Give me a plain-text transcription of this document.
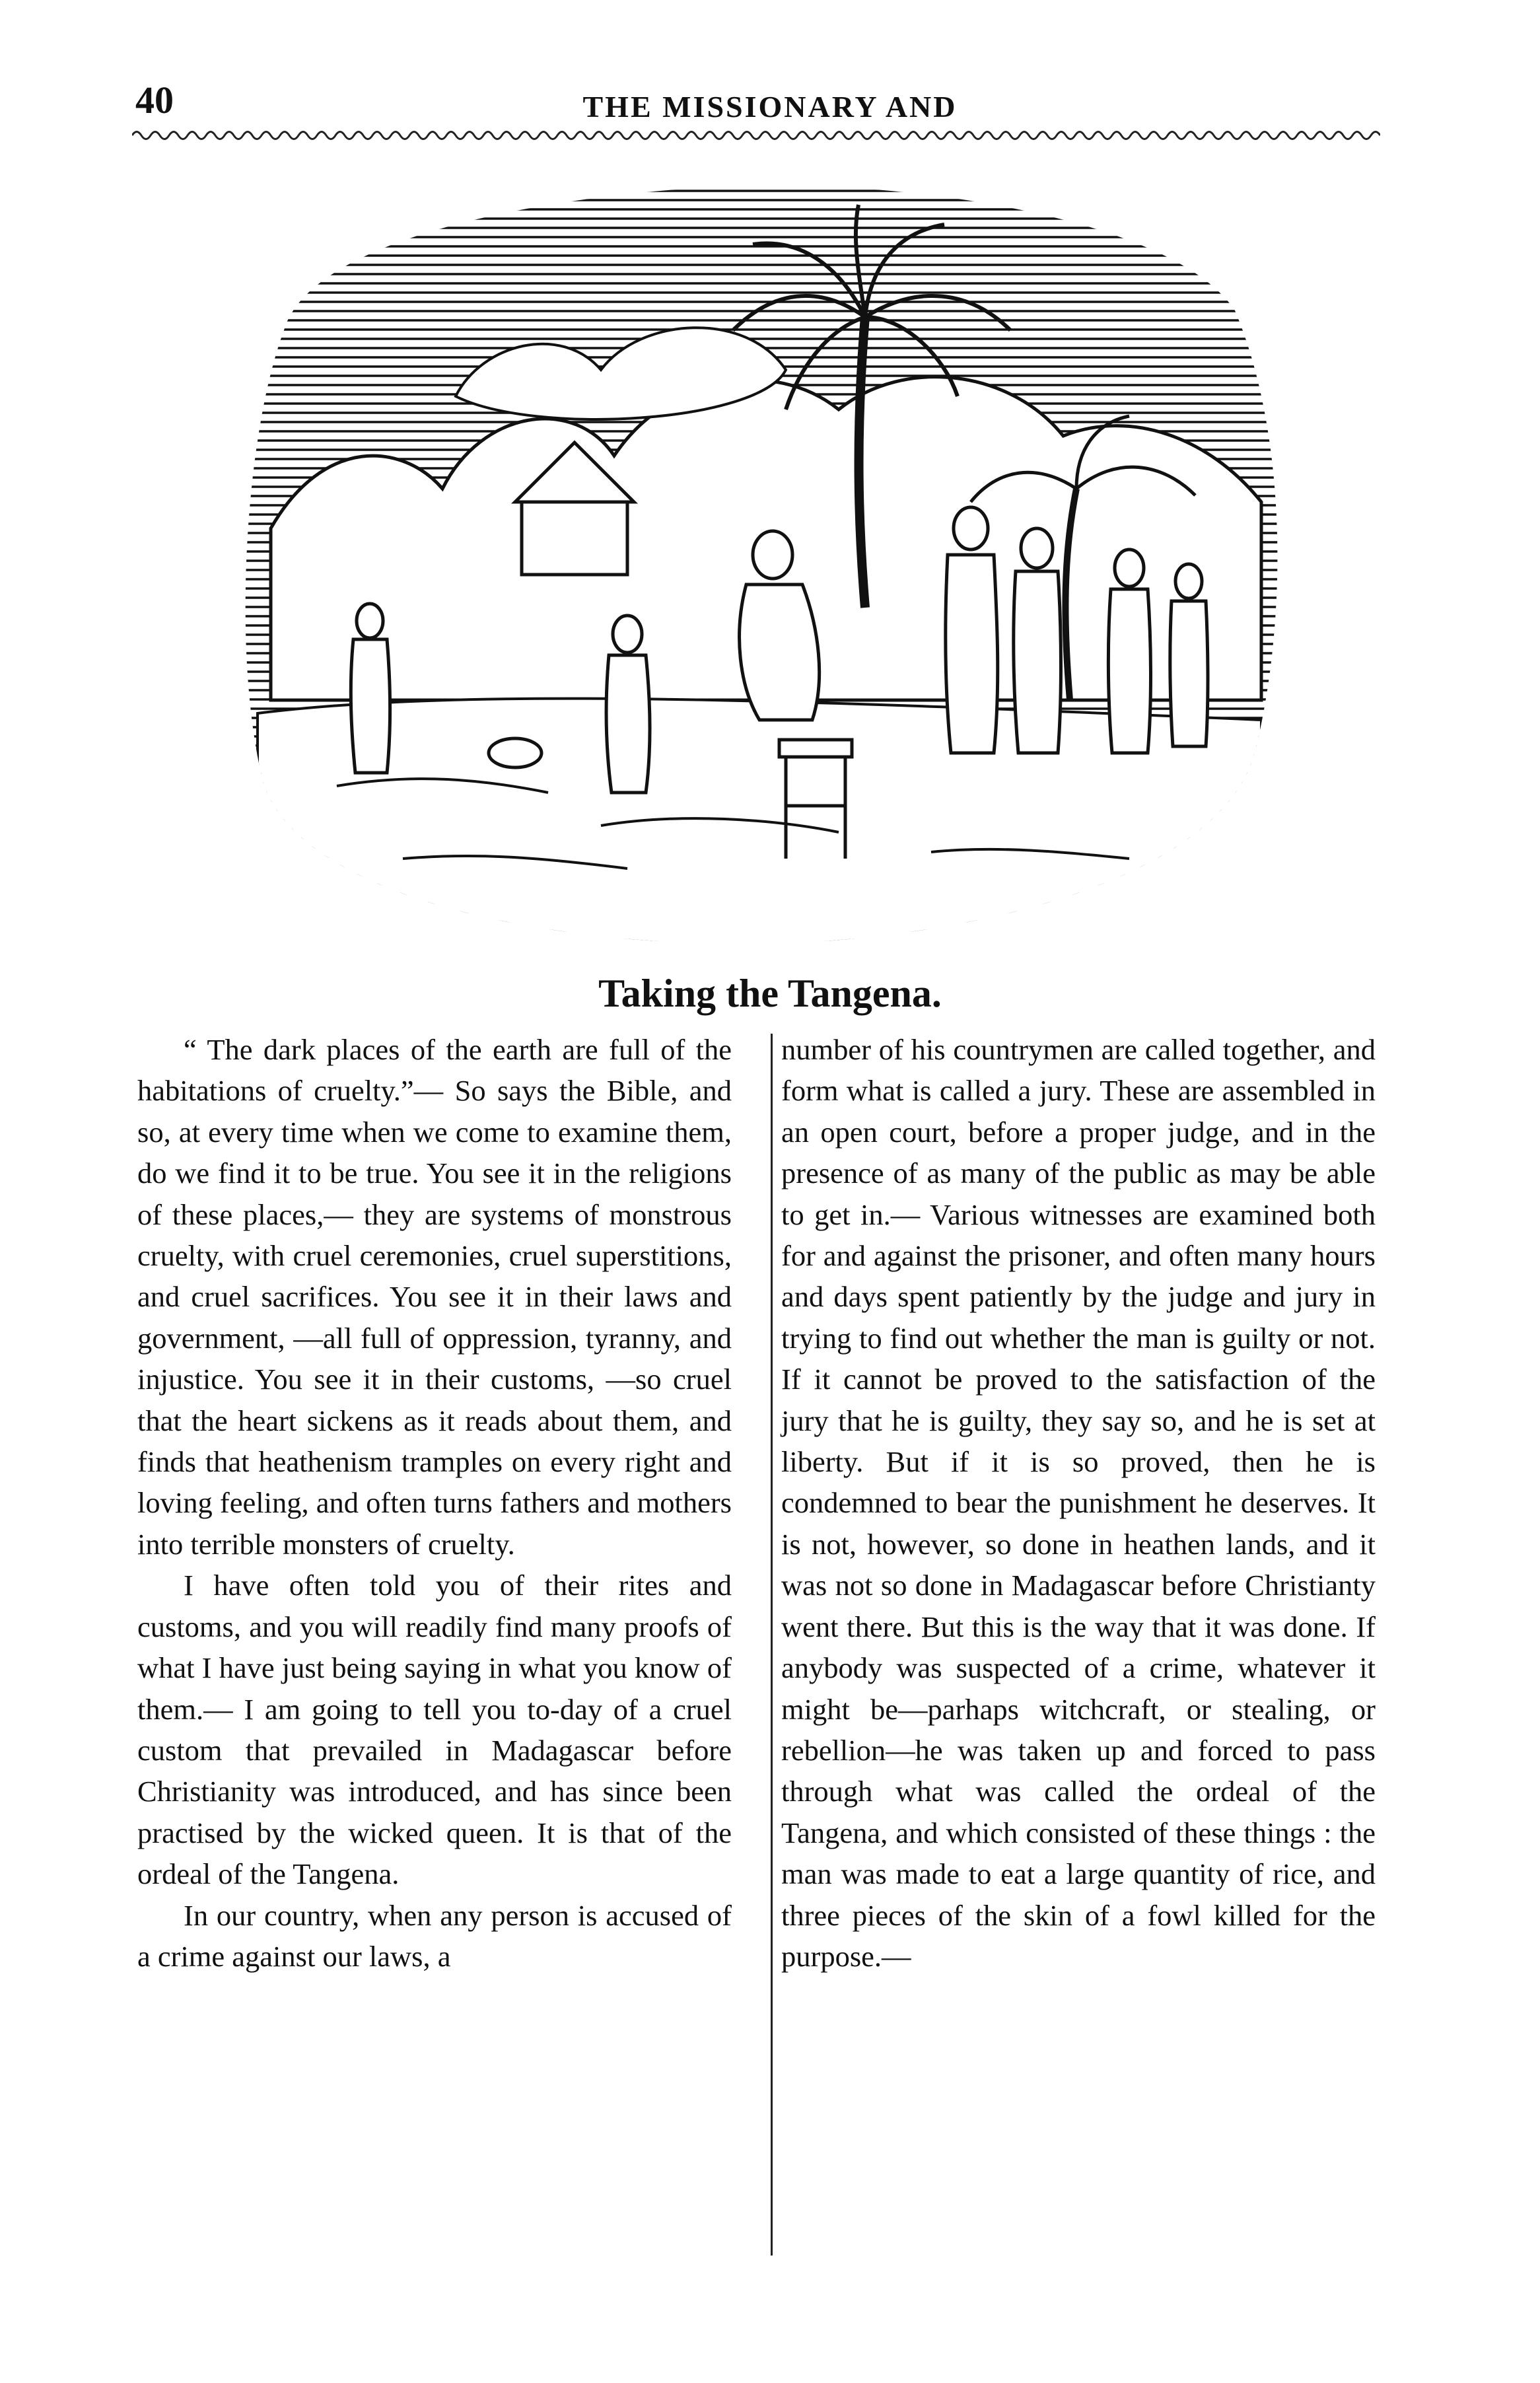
40	THE MISSIONARY AND
Taking the Tangena.

“ The dark places of the earth are full of the habitations of cruelty.”— So says the Bible, and so, at every time when we come to examine them, do we find it to be true. You see it in the religions of these places,— they are systems of monstrous cruelty, with cruel ceremonies, cruel superstitions, and cruel sacrifices. You see it in their laws and government, —all full of oppression, tyranny, and injustice. You see it in their customs, —so cruel that the heart sickens as it reads about them, and finds that heathenism tramples on every right and loving feeling, and often turns fathers and mothers into terrible monsters of cruelty.

I have often told you of their rites and customs, and you will readily find many proofs of what I have just being saying in what you know of them.— I am going to tell you to-day of a cruel custom that prevailed in Madagascar before Christianity was introduced, and has since been practised by the wicked queen. It is that of the ordeal of the Tangena.

In our country, when any person is accused of a crime against our laws, a

number of his countrymen are called together, and form what is called a jury. These are assembled in an open court, before a proper judge, and in the presence of as many of the public as may be able to get in.— Various witnesses are examined both for and against the prisoner, and often many hours and days spent patiently by the judge and jury in trying to find out whether the man is guilty or not. If it cannot be proved to the satisfaction of the jury that he is guilty, they say so, and he is set at liberty. But if it is so proved, then he is condemned to bear the punishment he deserves. It is not, however, so done in heathen lands, and it was not so done in Madagascar before Christianty went there. But this is the way that it was done. If anybody was suspected of a crime, whatever it might be—parhaps witchcraft, or stealing, or rebellion—he was taken up and forced to pass through what was called the ordeal of the Tangena, and which consisted of these things : the man was made to eat a large quantity of rice, and three pieces of the skin of a fowl killed for the purpose.—
